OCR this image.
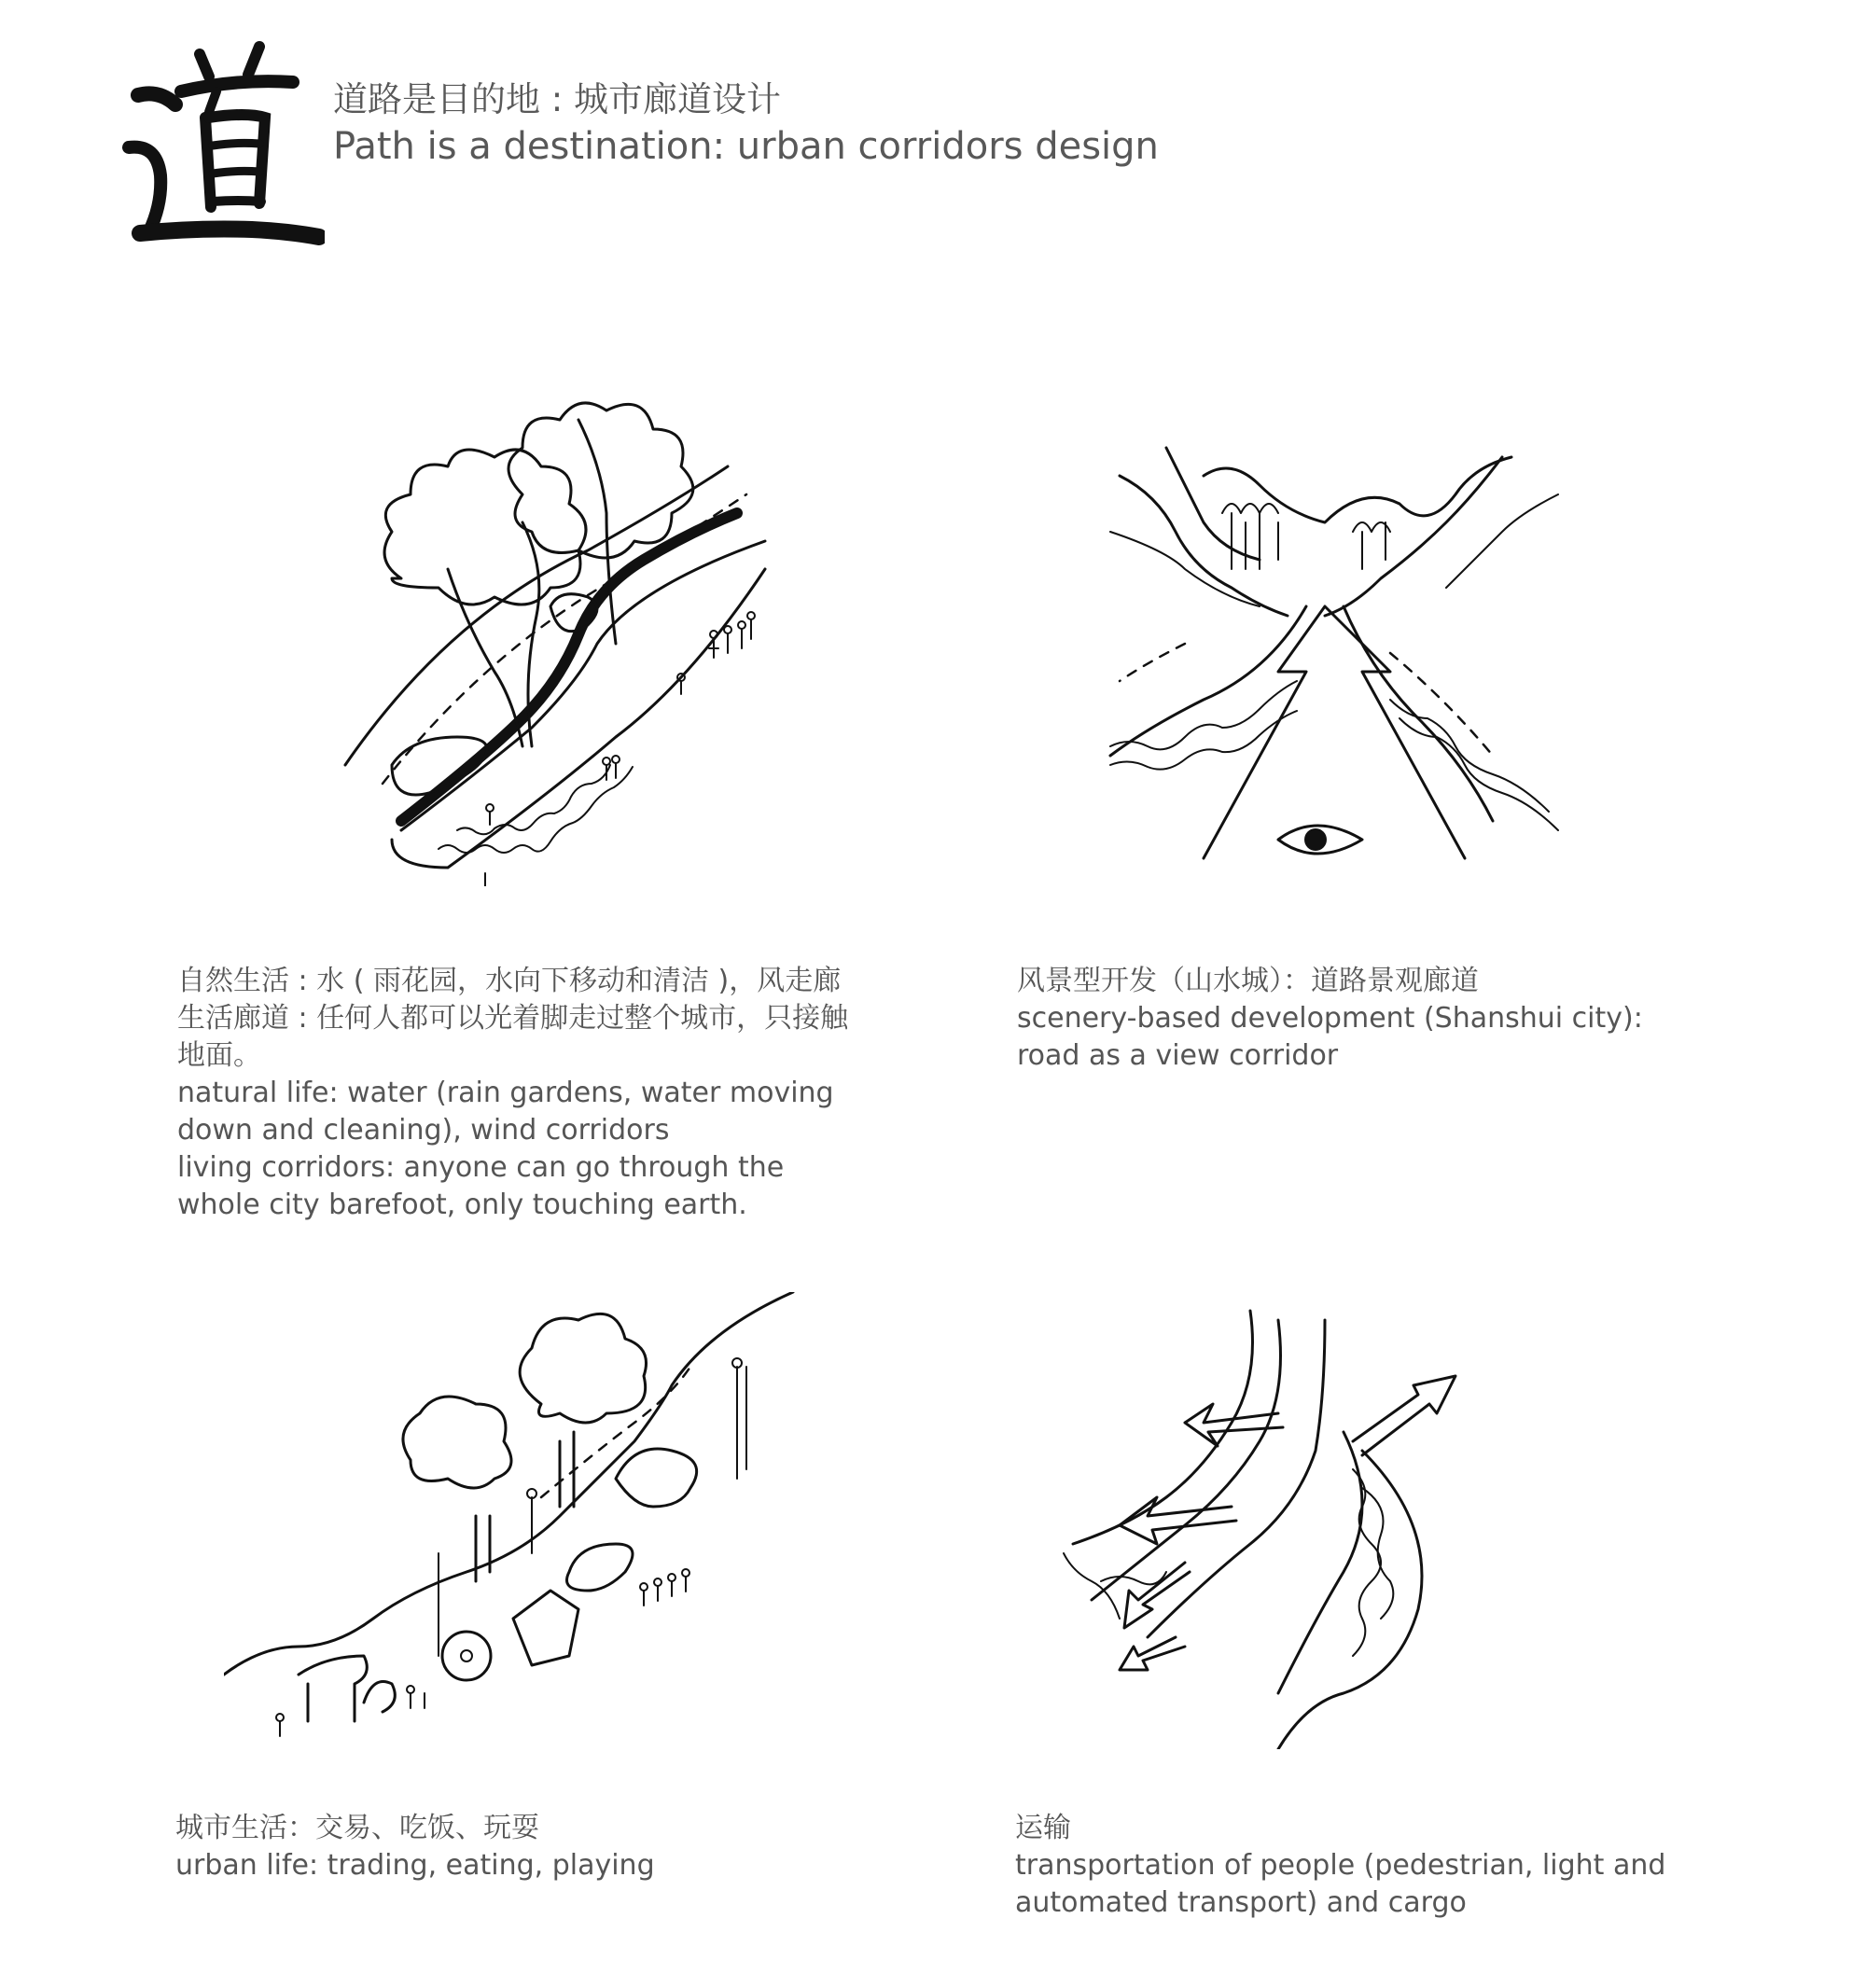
道路是目的地 : 城市廊道设计
Path is a destination: urban corridors design
自然生活 : 水 ( 雨花园，水向下移动和清洁 )，风走廊
生活廊道 : 任何人都可以光着脚走过整个城市，只接触
地面。
natural life: water (rain gardens, water moving
down and cleaning), wind corridors
living corridors: anyone can go through the
whole city barefoot, only touching earth.
风景型开发（山水城）：道路景观廊道
scenery-based development (Shanshui city):
road as a view corridor
城市生活：交易、吃饭、玩耍
urban life: trading, eating, playing
运输
transportation of people (pedestrian, light and
automated transport) and cargo
